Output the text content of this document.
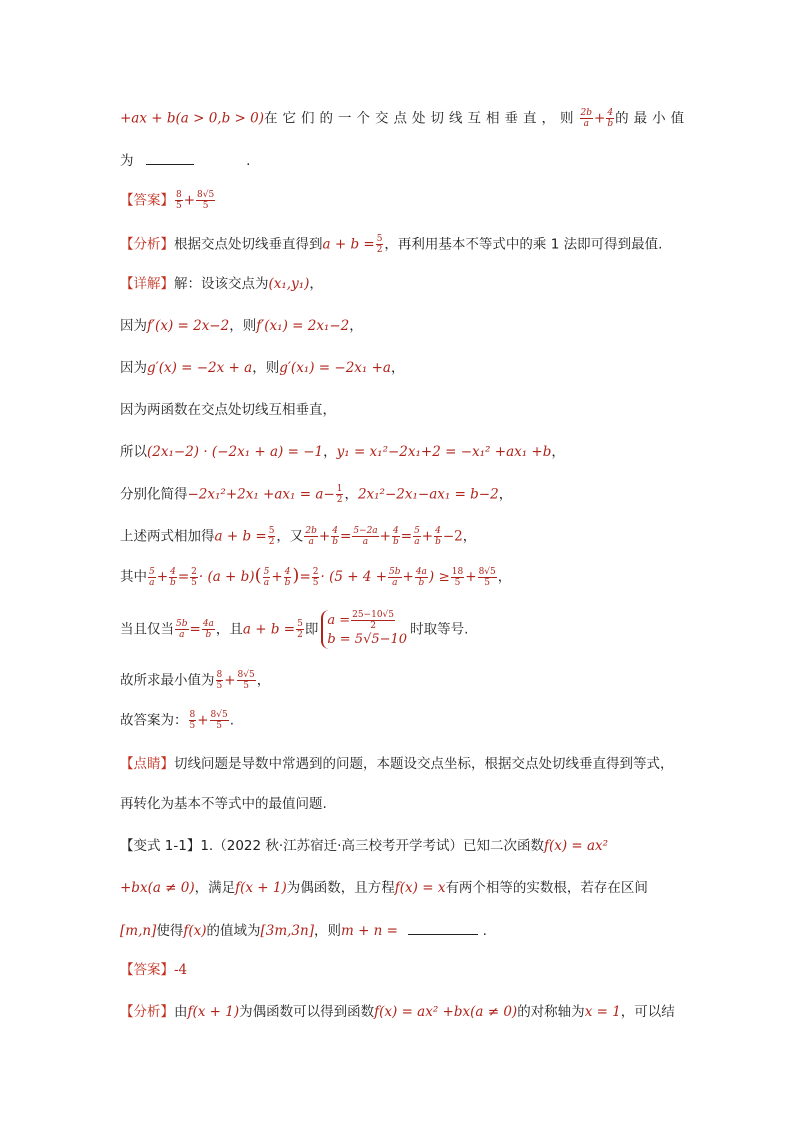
+ax + b(a > 0,b > 0)在它们的一个交点处切线互相垂直，则 $\frac{2b}{a} + \frac{4}{b}$ 的最小值
为	.
【答案】 $\frac{8}{5} + \frac{8√5}{5}$
【分析】根据交点处切线垂直得到$a + b = \frac{5}{2}$ ，再利用基本不等式中的乘 1 法即可得到最值.
【详解】解：设该交点为(x₁,y₁)，
因为f′(x) = 2x−2，则f′(x₁) = 2x₁−2，
因为g′(x) = −2x + a，则g′(x₁) = −2x₁ +a，
因为两函数在交点处切线互相垂直，
所以(2x₁−2) · (−2x₁ + a) = −1，y₁ = x₁²−2x₁+2 = −x₁² +ax₁ +b，
分别化简得$-2x_1^2+2x_1 +ax_1 = a- \frac{1}{2}$ ，2x₁²−2x₁−ax₁ = b−2，
上述两式相加得$a + b = \frac{5}{2}$ ，又 $\frac{2b}{a} + \frac{4}{b} = \frac{5-2a}{a} + \frac{4}{b} = \frac{5}{a} + \frac{4}{b} -2$，
其中 $\frac{5}{a} + \frac{4}{b} = \frac{2}{5} \cdot (a + b)( \frac{5}{a} + \frac{4}{b}$ )= $\frac{2}{5} \cdot (5 + 4 + \frac{5b}{a} + \frac{4a}{b}$ ) ≥ $\frac{18}{5} + \frac{8√5}{5}$ ，
当且仅当 $\frac{5b}{a} = \frac{4a}{b}$ ，且$a + b = \frac{5}{2}$ 即
$a = \frac{25-10√5}{2}$
b = 5√5−10
时取等号.
故所求最小值为 $\frac{8}{5} + \frac{8√5}{5}$ ，
故答案为： $\frac{8}{5} + \frac{8√5}{5}$ .
【点睛】切线问题是导数中常遇到的问题，本题设交点坐标，根据交点处切线垂直得到等式，
再转化为基本不等式中的最值问题.
【变式 1-1】1.（2022 秋·江苏宿迁·高三校考开学考试）已知二次函数f(x) = ax²
+bx(a ≠ 0)，满足f(x + 1)为偶函数，且方程f(x) = x有两个相等的实数根，若存在区间
[m,n]使得f(x)的值域为[3m,3n]，则m + n =	.
【答案】-4
【分析】由f(x + 1)为偶函数可以得到函数f(x) = ax² +bx(a ≠ 0)的对称轴为x = 1，可以结
